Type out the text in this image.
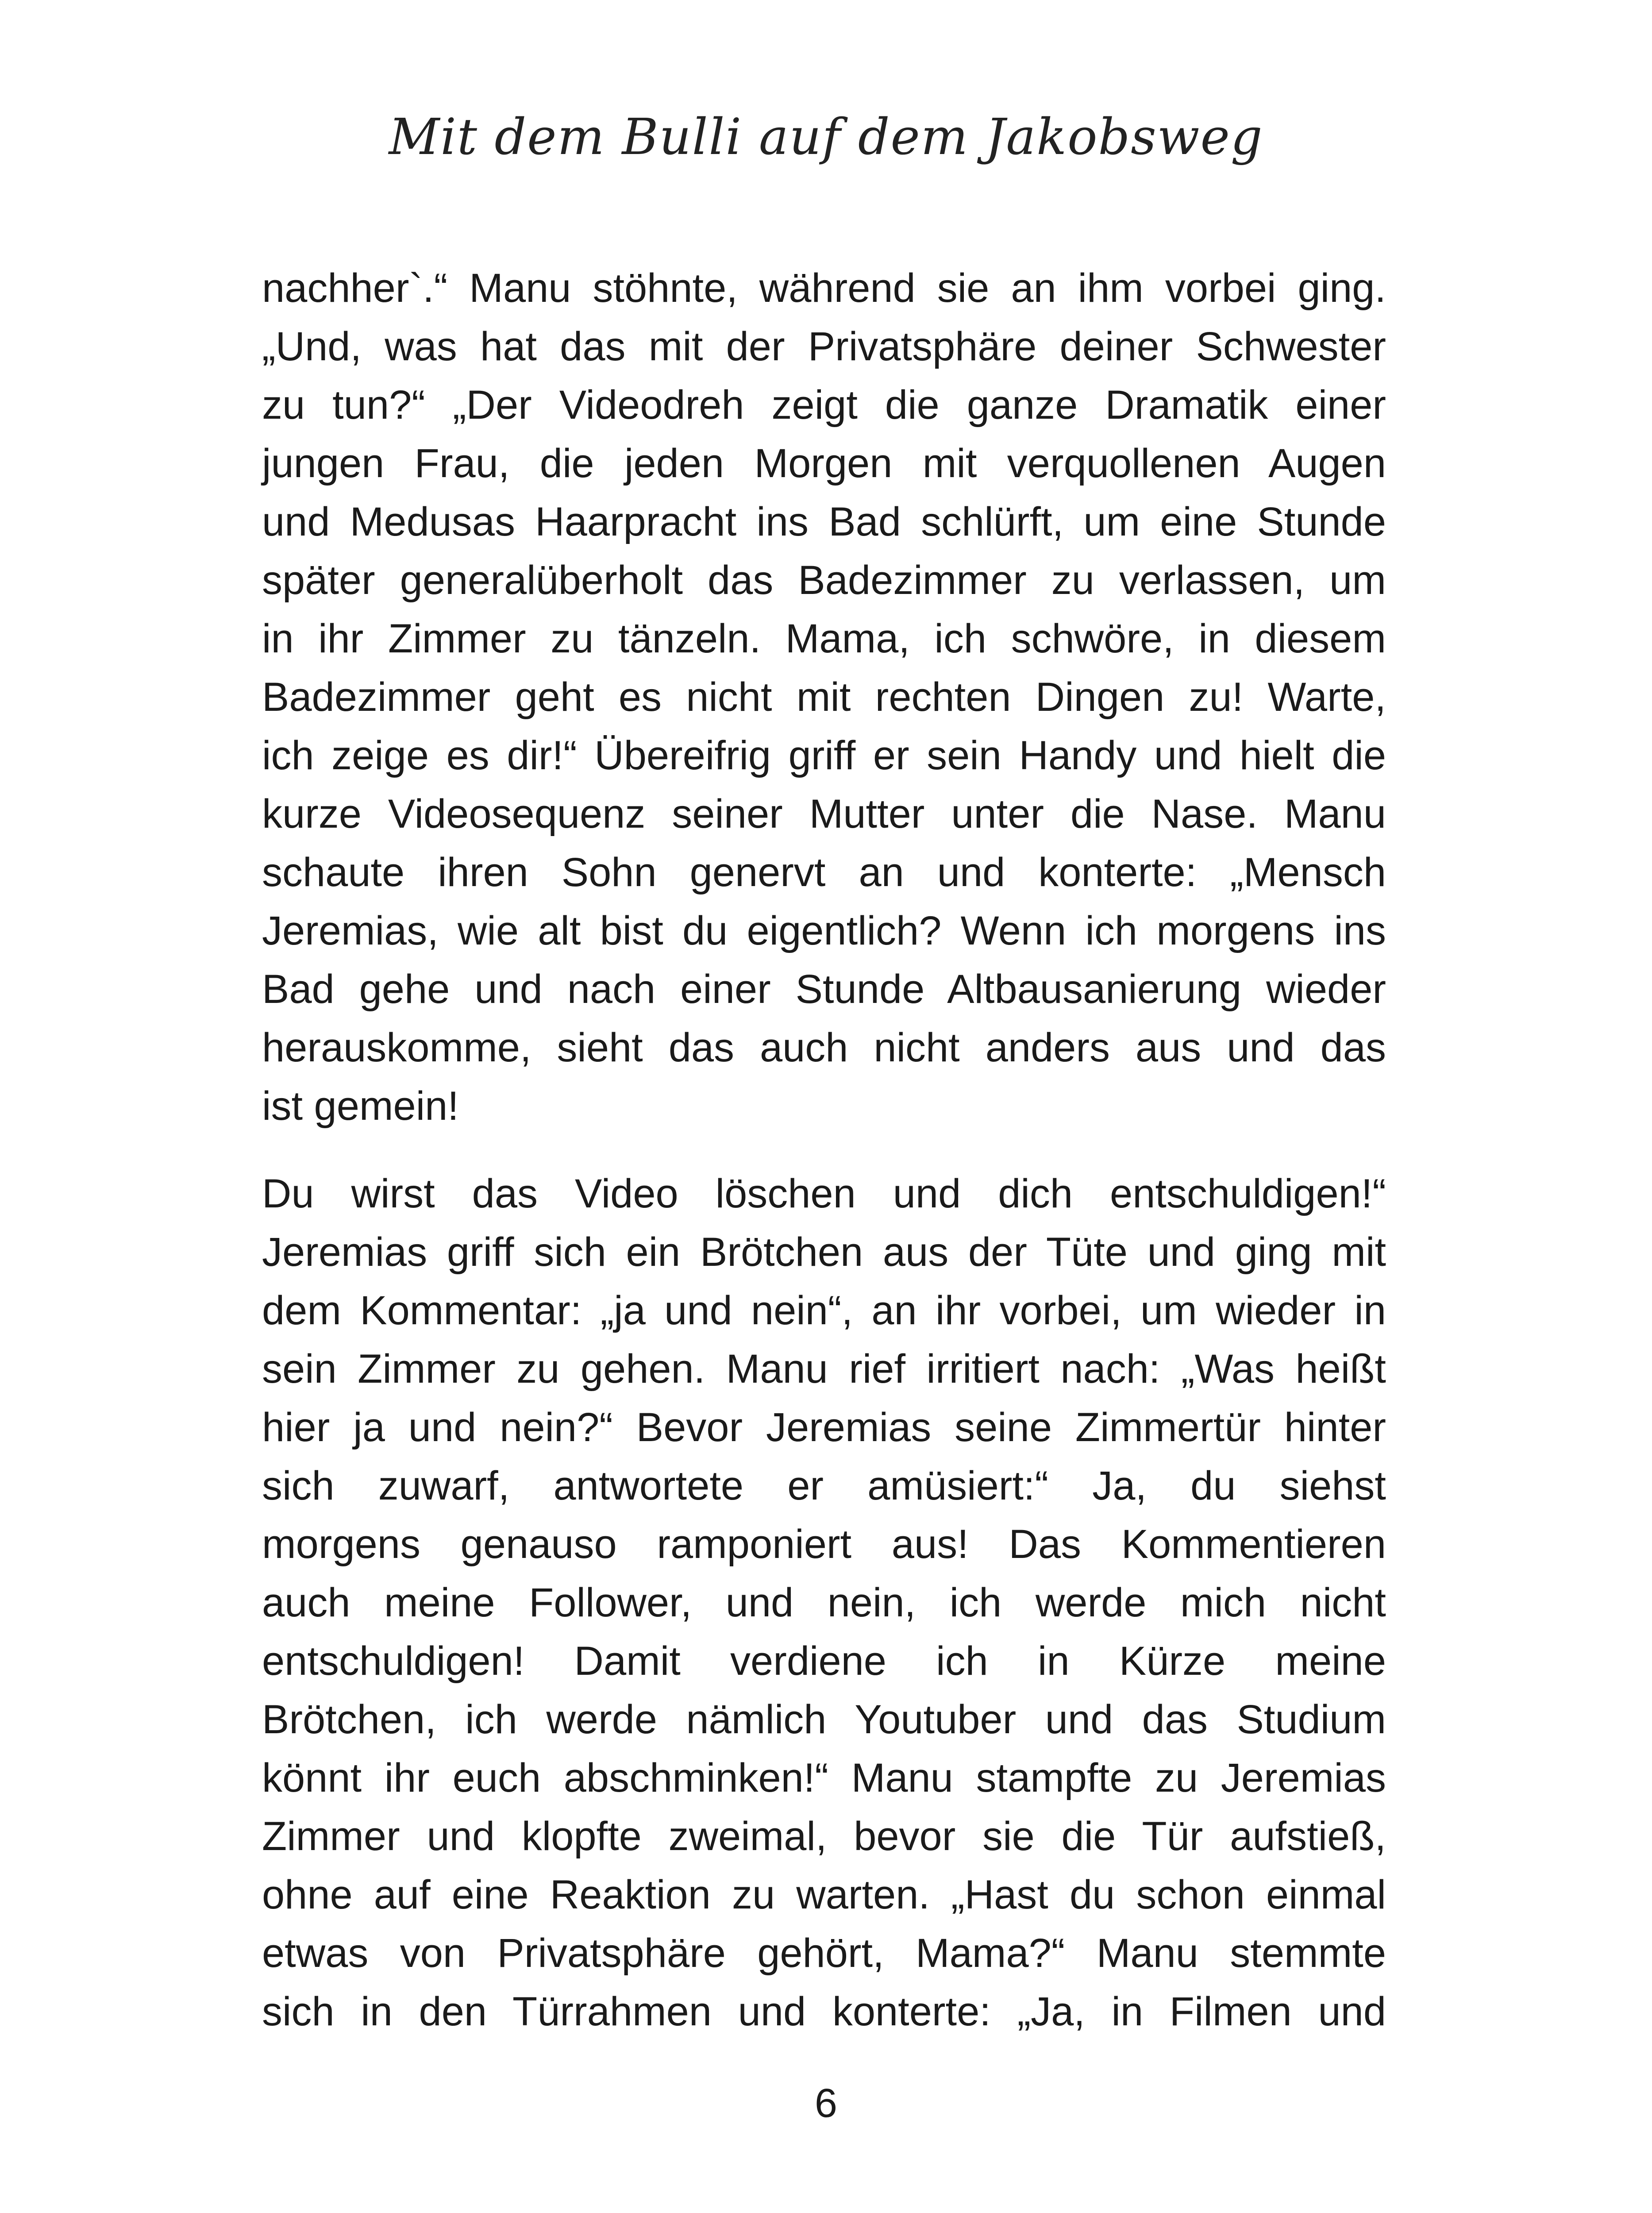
Mit dem Bulli auf dem Jakobsweg

nachher`.“ Manu stöhnte, während sie an ihm vorbei ging.
„Und, was hat das mit der Privatsphäre deiner Schwester
zu tun?“ „Der Videodreh zeigt die ganze Dramatik einer
jungen Frau, die jeden Morgen mit verquollenen Augen
und Medusas Haarpracht ins Bad schlürft, um eine Stunde
später generalüberholt das Badezimmer zu verlassen, um
in ihr Zimmer zu tänzeln. Mama, ich schwöre, in diesem
Badezimmer geht es nicht mit rechten Dingen zu! Warte,
ich zeige es dir!“ Übereifrig griff er sein Handy und hielt die
kurze Videosequenz seiner Mutter unter die Nase. Manu
schaute ihren Sohn genervt an und konterte: „Mensch
Jeremias, wie alt bist du eigentlich? Wenn ich morgens ins
Bad gehe und nach einer Stunde Altbausanierung wieder
herauskomme, sieht das auch nicht anders aus und das
ist gemein!

Du wirst das Video löschen und dich entschuldigen!“
Jeremias griff sich ein Brötchen aus der Tüte und ging mit
dem Kommentar: „ja und nein“, an ihr vorbei, um wieder in
sein Zimmer zu gehen. Manu rief irritiert nach: „Was heißt
hier ja und nein?“ Bevor Jeremias seine Zimmertür hinter
sich zuwarf, antwortete er amüsiert:“ Ja, du siehst
morgens genauso ramponiert aus! Das Kommentieren
auch meine Follower, und nein, ich werde mich nicht
entschuldigen! Damit verdiene ich in Kürze meine
Brötchen, ich werde nämlich Youtuber und das Studium
könnt ihr euch abschminken!“ Manu stampfte zu Jeremias
Zimmer und klopfte zweimal, bevor sie die Tür aufstieß,
ohne auf eine Reaktion zu warten. „Hast du schon einmal
etwas von Privatsphäre gehört, Mama?“ Manu stemmte
sich in den Türrahmen und konterte: „Ja, in Filmen und

6
